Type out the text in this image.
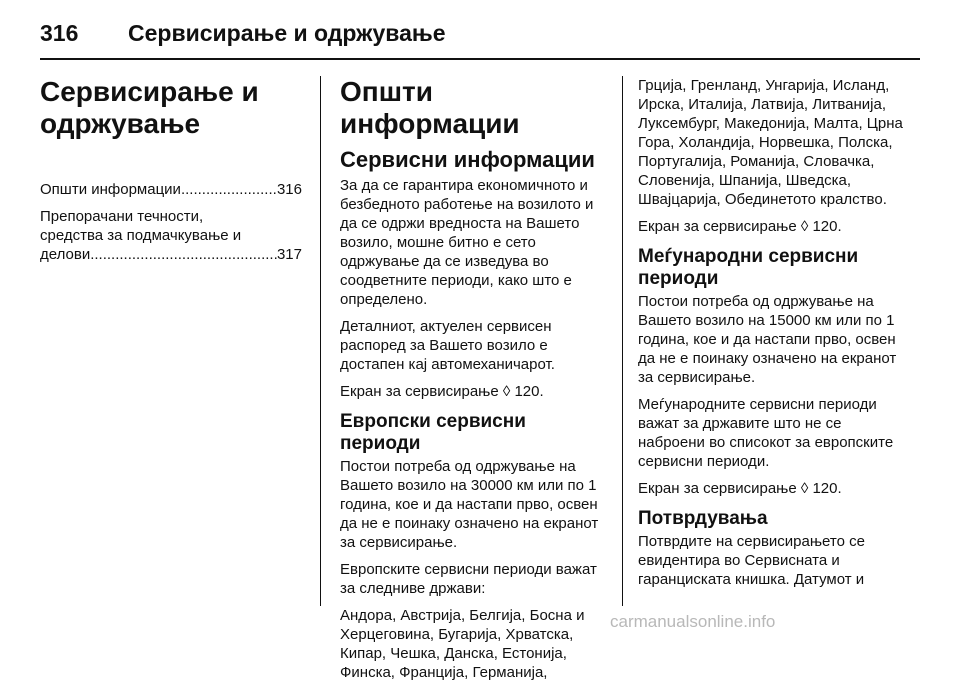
316 Сервисирање и одржување
Сервисирање и одржување
Општи информации .....	316
Препорачани течности,
средства за подмачкување и
делови .....	317
Општи информации
Сервисни информации

За да се гарантира економичното и безбедното работење на возилото и да се одржи вредноста на Вашето возило, мошне битно е сето одржување да се изведува во соодветните периоди, како што е определено.

Деталниот, актуелен сервисен распоред за Вашето возило е достапен кај автомеханичарот.

Екран за сервисирање ◊ 120.

Европски сервисни периоди

Постои потреба од одржување на Вашето возило на 30000 км или по 1 година, кое и да настапи прво, освен да не е поинаку означено на екранот за сервисирање.

Европските сервисни периоди важат за следниве држави:

Андора, Австрија, Белгија, Босна и Херцеговина, Бугарија, Хрватска, Кипар, Чешка, Данска, Естонија, Финска, Франција, Германија,

Грција, Гренланд, Унгарија, Исланд, Ирска, Италија, Латвија, Литванија, Луксембург, Македонија, Малта, Црна Гора, Холандија, Норвешка, Полска, Португалија, Романија, Словачка, Словенија, Шпанија, Шведска, Швајцарија, Обединетото кралство.

Екран за сервисирање ◊ 120.

Меѓународни сервисни периоди

Постои потреба од одржување на Вашето возило на 15000 км или по 1 година, кое и да настапи прво, освен да не е поинаку означено на екранот за сервисирање.

Меѓународните сервисни периоди важат за државите што не се наброени во списокот за европските сервисни периоди.

Екран за сервисирање ◊ 120.

Потврдувања

Потврдите на сервисирањето се евидентира во Сервисната и гаранциската книшка. Датумот и

carmanualsonline.info
